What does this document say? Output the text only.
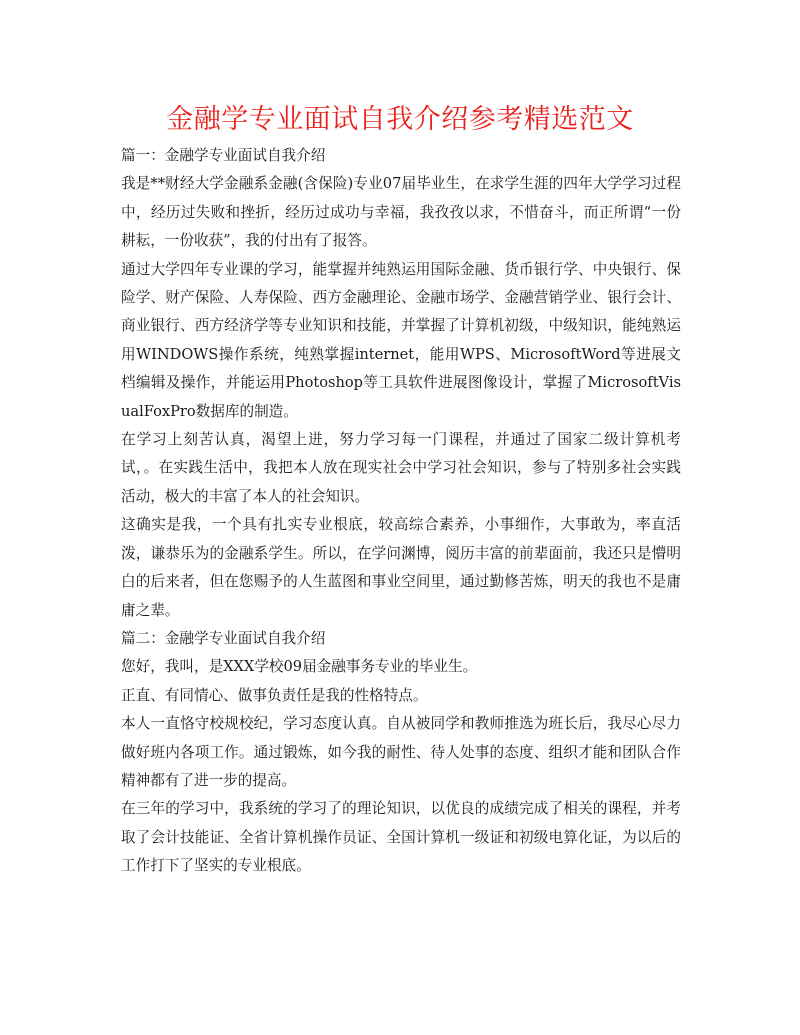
金融学专业面试自我介绍参考精选范文

篇一：金融学专业面试自我介绍

我是**财经大学金融系金融(含保险)专业07届毕业生，在求学生涯的四年大学学习过程中，经历过失败和挫折，经历过成功与幸福，我孜孜以求，不惜奋斗，而正所谓“一份耕耘，一份收获”，我的付出有了报答。

通过大学四年专业课的学习，能掌握并纯熟运用国际金融、货币银行学、中央银行、保险学、财产保险、人寿保险、西方金融理论、金融市场学、金融营销学业、银行会计、商业银行、西方经济学等专业知识和技能，并掌握了计算机初级，中级知识，能纯熟运用WINDOWS操作系统，纯熟掌握internet，能用WPS、MicrosoftWord等进展文档编辑及操作，并能运用Photoshop等工具软件进展图像设计，掌握了MicrosoftVisualFoxPro数据库的制造。

在学习上刻苦认真，渴望上进，努力学习每一门课程，并通过了国家二级计算机考试，。在实践生活中，我把本人放在现实社会中学习社会知识，参与了特别多社会实践活动，极大的丰富了本人的社会知识。

这确实是我，一个具有扎实专业根底，较高综合素养，小事细作，大事敢为，率直活泼，谦恭乐为的金融系学生。所以，在学问渊博，阅历丰富的前辈面前，我还只是懵明白的后来者，但在您赐予的人生蓝图和事业空间里，通过勤修苦炼，明天的我也不是庸庸之辈。

篇二：金融学专业面试自我介绍

您好，我叫，是XXX学校09届金融事务专业的毕业生。

正直、有同情心、做事负责任是我的性格特点。

本人一直恪守校规校纪，学习态度认真。自从被同学和教师推选为班长后，我尽心尽力做好班内各项工作。通过锻炼，如今我的耐性、待人处事的态度、组织才能和团队合作精神都有了进一步的提高。

在三年的学习中，我系统的学习了的理论知识，以优良的成绩完成了相关的课程，并考取了会计技能证、全省计算机操作员证、全国计算机一级证和初级电算化证，为以后的工作打下了坚实的专业根底。
